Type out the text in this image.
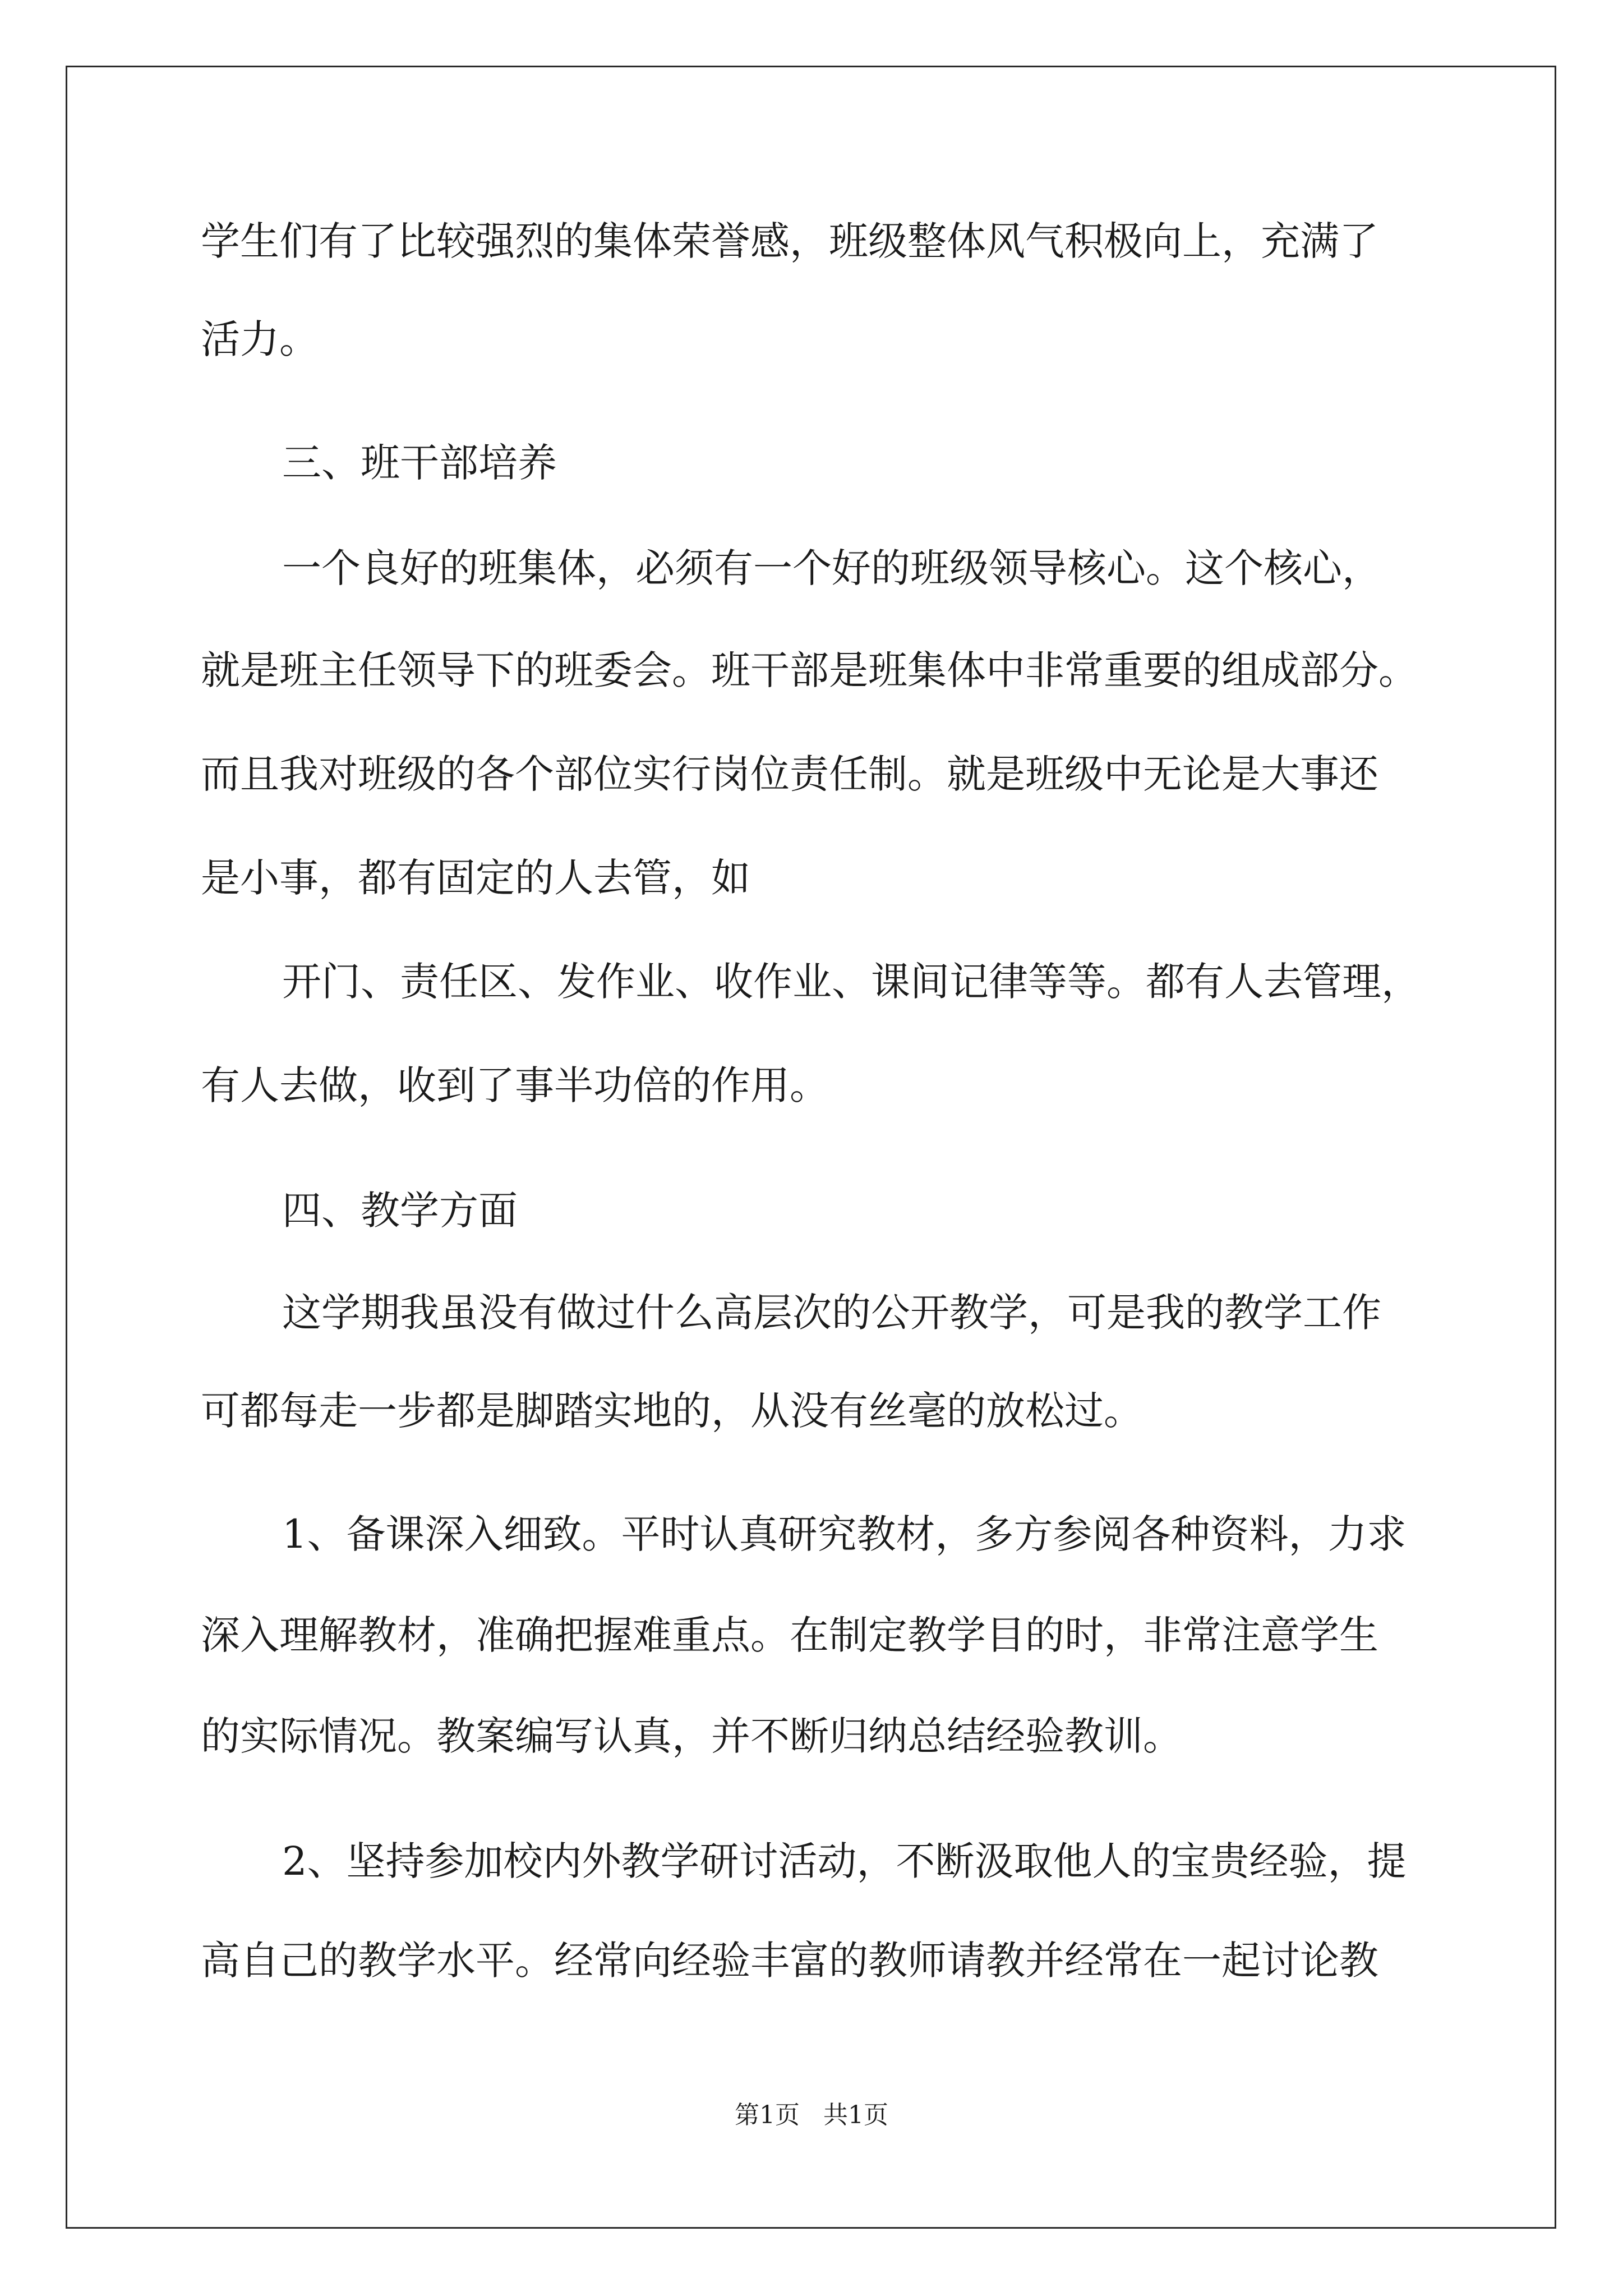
学生们有了比较强烈的集体荣誉感，班级整体风气积极向上，充满了
活力。
三、班干部培养
一个良好的班集体，必须有一个好的班级领导核心。这个核心，
就是班主任领导下的班委会。班干部是班集体中非常重要的组成部分。
而且我对班级的各个部位实行岗位责任制。就是班级中无论是大事还
是小事，都有固定的人去管，如
开门、责任区、发作业、收作业、课间记律等等。都有人去管理，
有人去做，收到了事半功倍的作用。
四、教学方面
这学期我虽没有做过什么高层次的公开教学，可是我的教学工作
可都每走一步都是脚踏实地的，从没有丝毫的放松过。
1、备课深入细致。平时认真研究教材，多方参阅各种资料，力求
深入理解教材，准确把握难重点。在制定教学目的时，非常注意学生
的实际情况。教案编写认真，并不断归纳总结经验教训。
2、坚持参加校内外教学研讨活动，不断汲取他人的宝贵经验，提
高自己的教学水平。经常向经验丰富的教师请教并经常在一起讨论教
第1页   共1页
